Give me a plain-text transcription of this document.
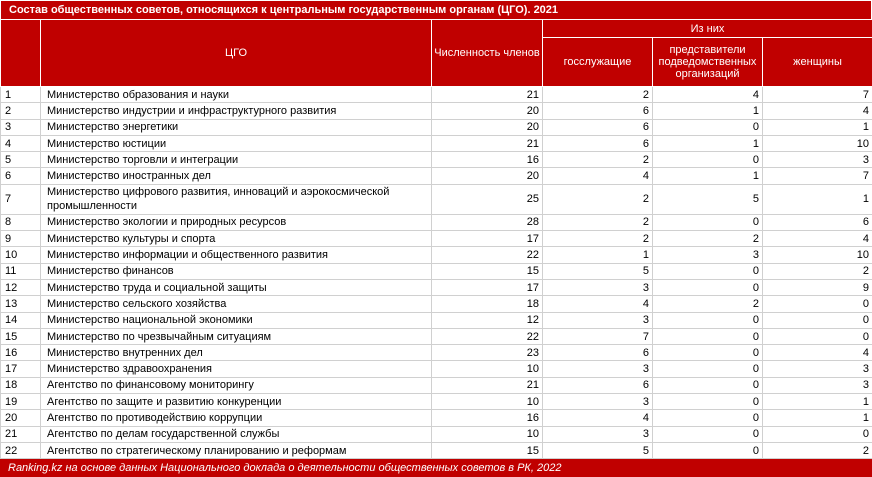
Состав общественных советов, относящихся к центральным государственным органам (ЦГО). 2021
	ЦГО	Численность членов	Из них		
			госслужащие	представители подведомственных организаций	женщины
1	Министерство образования и науки	21	2	4	7
2	Министерство индустрии и инфраструктурного развития	20	6	1	4
3	Министерство энергетики	20	6	0	1
4	Министерство юстиции	21	6	1	10
5	Министерство торговли и интеграции	16	2	0	3
6	Министерство иностранных дел	20	4	1	7
7	Министерство цифрового развития, инноваций и аэрокосмической промышленности	25	2	5	1
8	Министерство экологии и природных ресурсов	28	2	0	6
9	Министерство культуры и спорта	17	2	2	4
10	Министерство информации и общественного развития	22	1	3	10
11	Министерство финансов	15	5	0	2
12	Министерство труда и социальной защиты	17	3	0	9
13	Министерство сельского хозяйства	18	4	2	0
14	Министерство национальной экономики	12	3	0	0
15	Министерство по чрезвычайным ситуациям	22	7	0	0
16	Министерство внутренних дел	23	6	0	4
17	Министерство здравоохранения	10	3	0	3
18	Агентство по финансовому мониторингу	21	6	0	3
19	Агентство по защите и развитию конкуренции	10	3	0	1
20	Агентство по противодействию коррупции	16	4	0	1
21	Агентство по делам государственной службы	10	3	0	0
22	Агентство по стратегическому планированию и реформам	15	5	0	2
Ranking.kz на основе данных Национального доклада о деятельности общественных советов в РК, 2022
